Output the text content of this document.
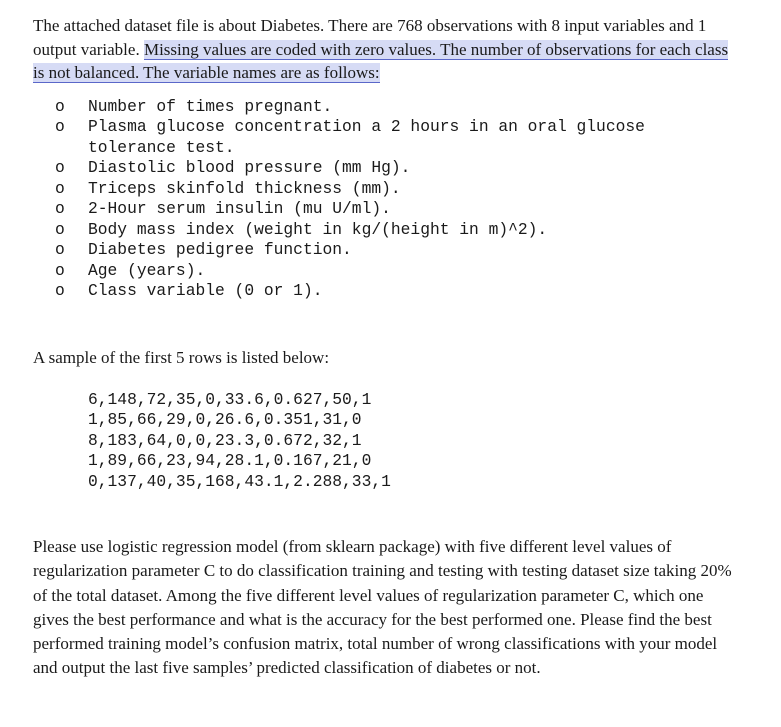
The attached dataset file is about Diabetes. There are 768 observations with 8 input variables and 1 output variable. Missing values are coded with zero values. The number of observations for each class is not balanced. The variable names are as follows:

o Number of times pregnant.
o Plasma glucose concentration a 2 hours in an oral glucose tolerance test.
o Diastolic blood pressure (mm Hg).
o Triceps skinfold thickness (mm).
o 2-Hour serum insulin (mu U/ml).
o Body mass index (weight in kg/(height in m)^2).
o Diabetes pedigree function.
o Age (years).
o Class variable (0 or 1).

A sample of the first 5 rows is listed below:

6,148,72,35,0,33.6,0.627,50,1
1,85,66,29,0,26.6,0.351,31,0
8,183,64,0,0,23.3,0.672,32,1
1,89,66,23,94,28.1,0.167,21,0
0,137,40,35,168,43.1,2.288,33,1

Please use logistic regression model (from sklearn package) with five different level values of regularization parameter C to do classification training and testing with testing dataset size taking 20% of the total dataset. Among the five different level values of regularization parameter C, which one gives the best performance and what is the accuracy for the best performed one. Please find the best performed training model’s confusion matrix, total number of wrong classifications with your model and output the last five samples’ predicted classification of diabetes or not.
